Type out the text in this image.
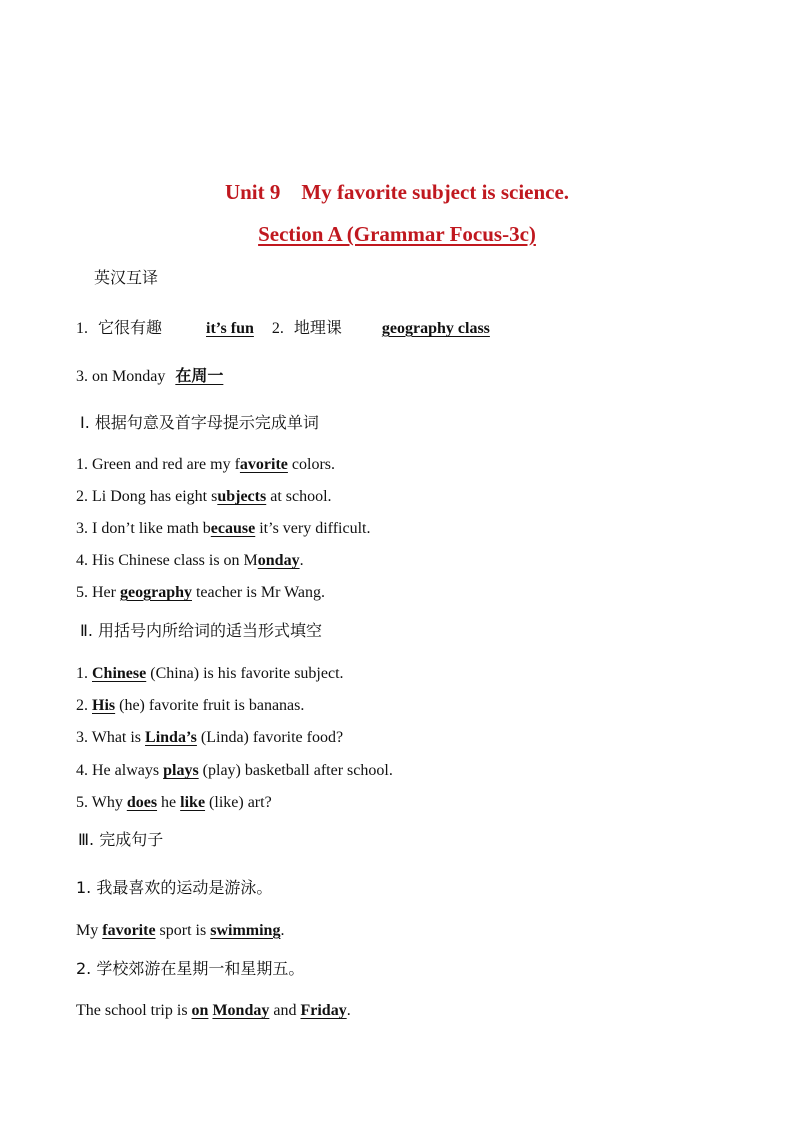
Unit 9    My favorite subject is science.
Section A (Grammar Focus-3c)
英汉互译
1. 它很有趣	it’s fun 2. 地理课	geography class
3. on Monday 在周一
Ⅰ. 根据句意及首字母提示完成单词
1. Green and red are my favorite colors.
2. Li Dong has eight subjects at school.
3. I don’t like math because it’s very difficult.
4. His Chinese class is on Monday.
5. Her geography teacher is Mr Wang.
Ⅱ. 用括号内所给词的适当形式填空
1. Chinese (China) is his favorite subject.
2. His (he) favorite fruit is bananas.
3. What is Linda’s (Linda) favorite food?
4. He always plays (play) basketball after school.
5. Why does he like (like) art?
Ⅲ. 完成句子
1. 我最喜欢的运动是游泳。
My favorite sport is swimming.
2. 学校郊游在星期一和星期五。
The school trip is on Monday and Friday.
